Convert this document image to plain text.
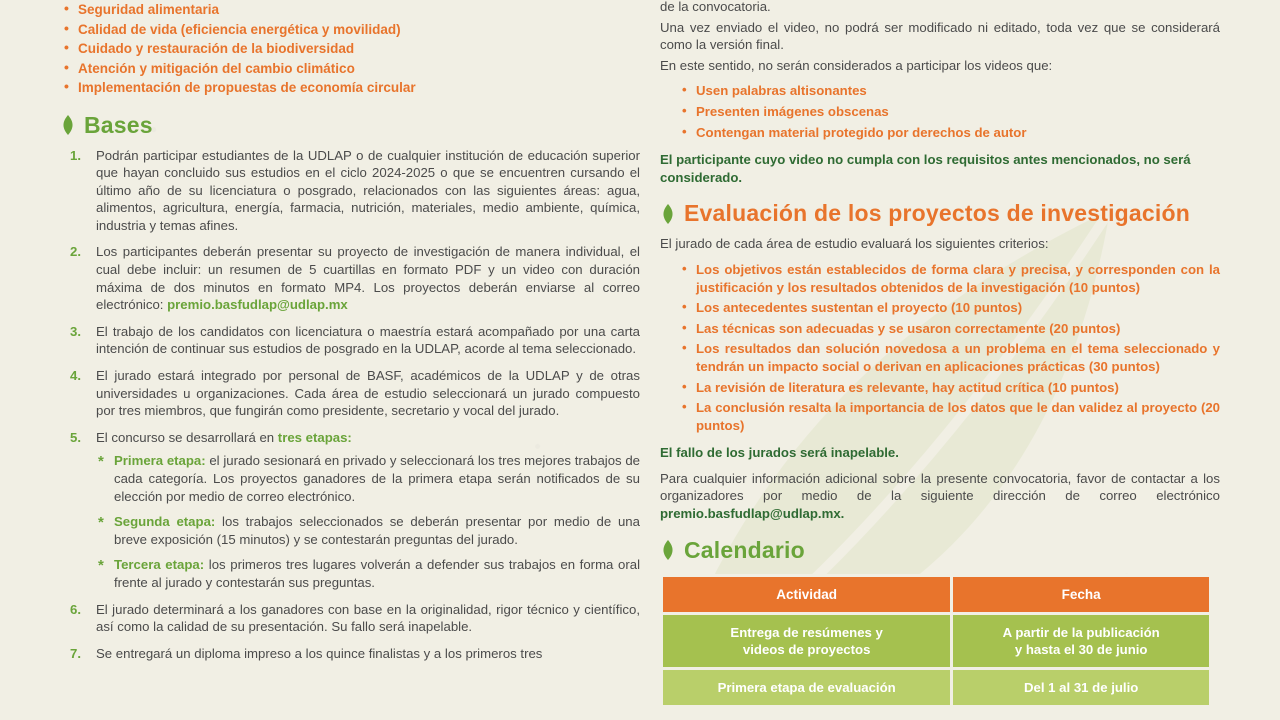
• Seguridad alimentaria
• Calidad de vida (eficiencia energética y movilidad)
• Cuidado y restauración de la biodiversidad
• Atención y mitigación del cambio climático
• Implementación de propuestas de economía circular
Bases
Podrán participar estudiantes de la UDLAP o de cualquier institución de educación superior que hayan concluido sus estudios en el ciclo 2024-2025 o que se encuentren cursando el último año de su licenciatura o posgrado, relacionados con las siguientes áreas: agua, alimentos, agricultura, energía, farmacia, nutrición, materiales, medio ambiente, química, industria y temas afines.
Los participantes deberán presentar su proyecto de investigación de manera individual, el cual debe incluir: un resumen de 5 cuartillas en formato PDF y un video con duración máxima de dos minutos en formato MP4. Los proyectos deberán enviarse al correo electrónico: premio.basfudlap@udlap.mx
El trabajo de los candidatos con licenciatura o maestría estará acompañado por una carta intención de continuar sus estudios de posgrado en la UDLAP, acorde al tema seleccionado.
El jurado estará integrado por personal de BASF, académicos de la UDLAP y de otras universidades u organizaciones. Cada área de estudio seleccionará un jurado compuesto por tres miembros, que fungirán como presidente, secretario y vocal del jurado.
El concurso se desarrollará en tres etapas:
* Primera etapa: el jurado sesionará en privado y seleccionará los tres mejores trabajos de cada categoría. Los proyectos ganadores de la primera etapa serán notificados de su elección por medio de correo electrónico.
* Segunda etapa: los trabajos seleccionados se deberán presentar por medio de una breve exposición (15 minutos) y se contestarán preguntas del jurado.
* Tercera etapa: los primeros tres lugares volverán a defender sus trabajos en forma oral frente al jurado y contestarán sus preguntas.
El jurado determinará a los ganadores con base en la originalidad, rigor técnico y científico, así como la calidad de su presentación. Su fallo será inapelable.
Se entregará un diploma impreso a los quince finalistas y a los primeros tres

de la convocatoria.

Una vez enviado el video, no podrá ser modificado ni editado, toda vez que se considerará como la versión final.

En este sentido, no serán considerados a participar los videos que:

• Usen palabras altisonantes
• Presenten imágenes obscenas
• Contengan material protegido por derechos de autor

El participante cuyo video no cumpla con los requisitos antes mencionados, no será considerado.

Evaluación de los proyectos de investigación

El jurado de cada área de estudio evaluará los siguientes criterios:

• Los objetivos están establecidos de forma clara y precisa, y corresponden con la justificación y los resultados obtenidos de la investigación (10 puntos)
• Los antecedentes sustentan el proyecto (10 puntos)
• Las técnicas son adecuadas y se usaron correctamente (20 puntos)
• Los resultados dan solución novedosa a un problema en el tema seleccionado y tendrán un impacto social o derivan en aplicaciones prácticas (30 puntos)
• La revisión de literatura es relevante, hay actitud crítica (10 puntos)
• La conclusión resalta la importancia de los datos que le dan validez al proyecto (20 puntos)

El fallo de los jurados será inapelable.

Para cualquier información adicional sobre la presente convocatoria, favor de contactar a los organizadores por medio de la siguiente dirección de correo electrónico premio.basfudlap@udlap.mx.

Calendario
Actividad	Fecha

Entrega de resúmenes y
videos de proyectos	A partir de la publicación
y hasta el 30 de junio

Primera etapa de evaluación	Del 1 al 31 de julio
